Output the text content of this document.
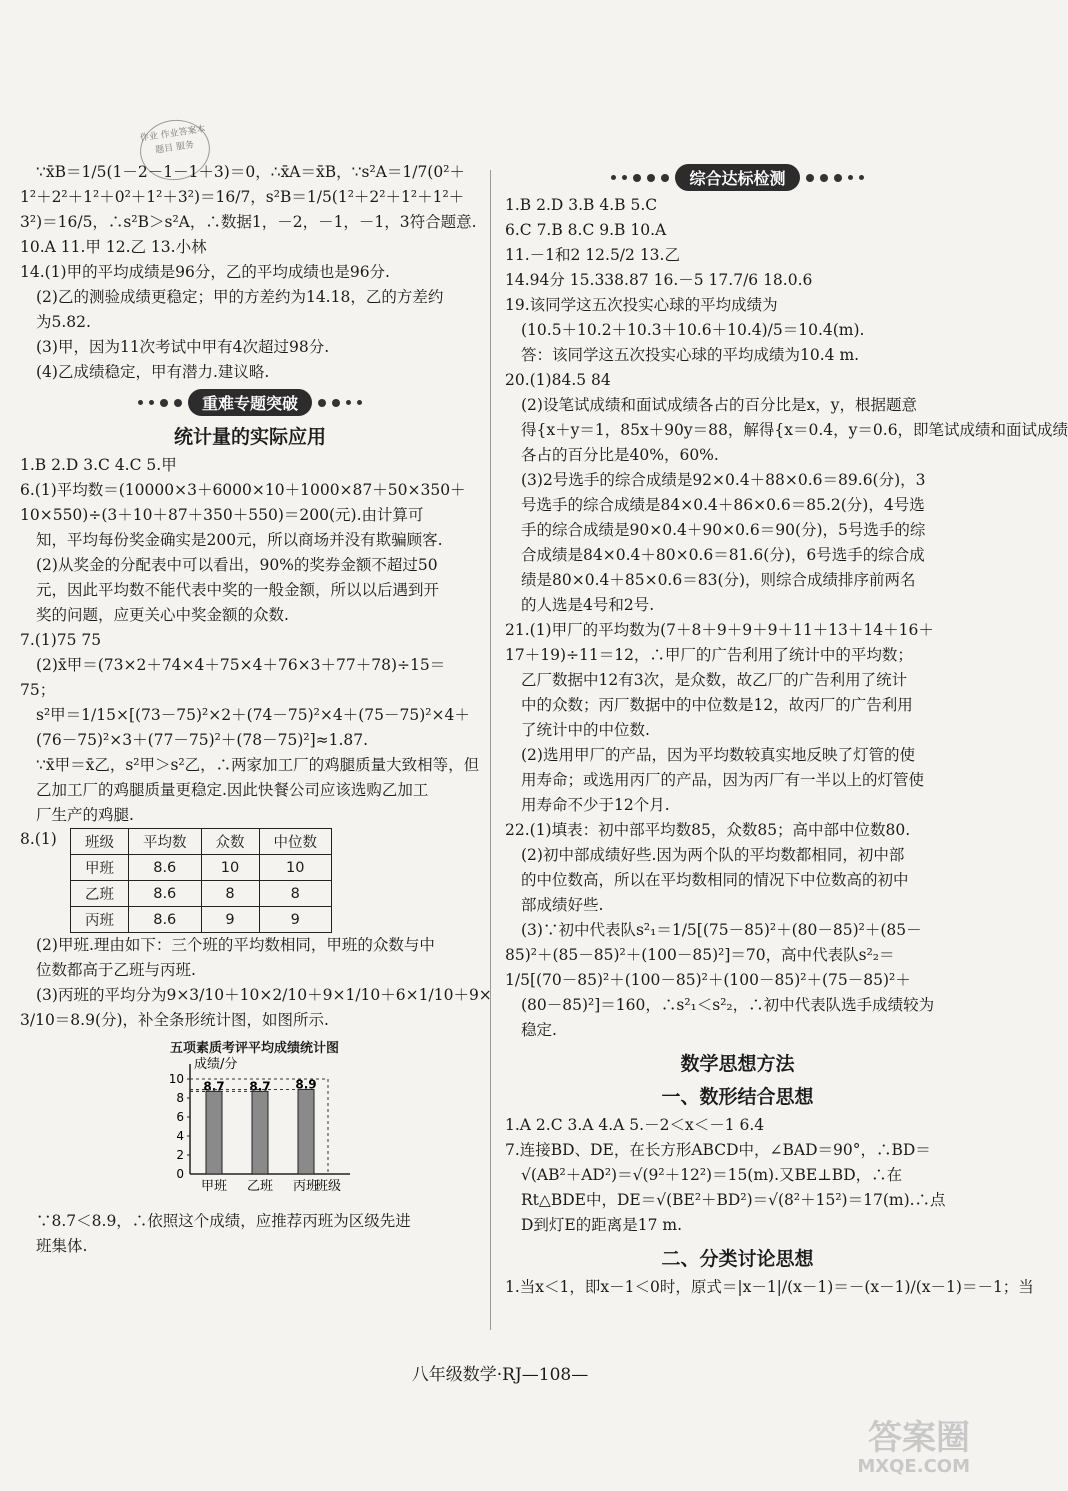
作业 作业答案本题目 服务
∵x̄B＝1/5(1－2－1－1＋3)＝0，∴x̄A＝x̄B，∵s²A＝1/7(0²＋
1²＋2²＋1²＋0²＋1²＋3²)＝16/7，s²B＝1/5(1²＋2²＋1²＋1²＋
3²)＝16/5，∴s²B＞s²A，∴数据1，－2，－1，－1，3符合题意.
10.A 11.甲 12.乙 13.小林
14.(1)甲的平均成绩是96分，乙的平均成绩也是96分.
(2)乙的测验成绩更稳定；甲的方差约为14.18，乙的方差约
为5.82.
(3)甲，因为11次考试中甲有4次超过98分.
(4)乙成绩稳定，甲有潜力.建议略.
重难专题突破
统计量的实际应用
1.B 2.D 3.C 4.C 5.甲
6.(1)平均数＝(10000×3＋6000×10＋1000×87＋50×350＋
10×550)÷(3＋10＋87＋350＋550)＝200(元).由计算可
知，平均每份奖金确实是200元，所以商场并没有欺骗顾客.
(2)从奖金的分配表中可以看出，90%的奖券金额不超过50
元，因此平均数不能代表中奖的一般金额，所以以后遇到开
奖的问题，应更关心中奖金额的众数.
7.(1)75 75
(2)x̄甲＝(73×2＋74×4＋75×4＋76×3＋77＋78)÷15＝
75；
s²甲＝1/15×[(73－75)²×2＋(74－75)²×4＋(75－75)²×4＋
(76－75)²×3＋(77－75)²＋(78－75)²]≈1.87.
∵x̄甲＝x̄乙，s²甲＞s²乙，∴两家加工厂的鸡腿质量大致相等，但
乙加工厂的鸡腿质量更稳定.因此快餐公司应该选购乙加工
厂生产的鸡腿.
8.(1) 班级	平均数	众数	中位数
甲班	8.6	10	10
乙班	8.6	8	8
丙班	8.6	9	9
(2)甲班.理由如下：三个班的平均数相同，甲班的众数与中
位数都高于乙班与丙班.
(3)丙班的平均分为9×3/10＋10×2/10＋9×1/10＋6×1/10＋9×
3/10＝8.9(分)，补全条形统计图，如图所示.
五项素质考评平均成绩统计图
成绩/分
0
2
4
6
8
10
8.7
甲班
8.7
乙班
8.9
丙班
班级
∵8.7＜8.9，∴依照这个成绩，应推荐丙班为区级先进
班集体.
综合达标检测
1.B 2.D 3.B 4.B 5.C
6.C 7.B 8.C 9.B 10.A
11.－1和2 12.5/2 13.乙
14.94分 15.338.87 16.－5 17.7/6 18.0.6
19.该同学这五次投实心球的平均成绩为
(10.5＋10.2＋10.3＋10.6＋10.4)/5＝10.4(m).
答：该同学这五次投实心球的平均成绩为10.4 m.
20.(1)84.5 84
(2)设笔试成绩和面试成绩各占的百分比是x，y，根据题意
得{x＋y＝1，85x＋90y＝88，解得{x＝0.4，y＝0.6，即笔试成绩和面试成绩
各占的百分比是40%，60%.
(3)2号选手的综合成绩是92×0.4＋88×0.6＝89.6(分)，3
号选手的综合成绩是84×0.4＋86×0.6＝85.2(分)，4号选
手的综合成绩是90×0.4＋90×0.6＝90(分)，5号选手的综
合成绩是84×0.4＋80×0.6＝81.6(分)，6号选手的综合成
绩是80×0.4＋85×0.6＝83(分)，则综合成绩排序前两名
的人选是4号和2号.
21.(1)甲厂的平均数为(7＋8＋9＋9＋9＋11＋13＋14＋16＋
17＋19)÷11＝12，∴甲厂的广告利用了统计中的平均数；
乙厂数据中12有3次，是众数，故乙厂的广告利用了统计
中的众数；丙厂数据中的中位数是12，故丙厂的广告利用
了统计中的中位数.
(2)选用甲厂的产品，因为平均数较真实地反映了灯管的使
用寿命；或选用丙厂的产品，因为丙厂有一半以上的灯管使
用寿命不少于12个月.
22.(1)填表：初中部平均数85，众数85；高中部中位数80.
(2)初中部成绩好些.因为两个队的平均数都相同，初中部
的中位数高，所以在平均数相同的情况下中位数高的初中
部成绩好些.
(3)∵初中代表队s²₁＝1/5[(75－85)²＋(80－85)²＋(85－
85)²＋(85－85)²＋(100－85)²]＝70，高中代表队s²₂＝
1/5[(70－85)²＋(100－85)²＋(100－85)²＋(75－85)²＋
(80－85)²]＝160，∴s²₁＜s²₂，∴初中代表队选手成绩较为
稳定.
数学思想方法
一、数形结合思想
1.A 2.C 3.A 4.A 5.－2＜x＜－1 6.4
7.连接BD、DE，在长方形ABCD中，∠BAD＝90°，∴BD＝
√(AB²＋AD²)＝√(9²＋12²)＝15(m).又BE⊥BD，∴在
Rt△BDE中，DE＝√(BE²＋BD²)＝√(8²＋15²)＝17(m).∴点
D到灯E的距离是17 m.
二、分类讨论思想
1.当x＜1，即x－1＜0时，原式＝|x－1|/(x－1)＝－(x－1)/(x－1)＝－1；当
八年级数学·RJ—108—
答案圈
MXQE.COM
